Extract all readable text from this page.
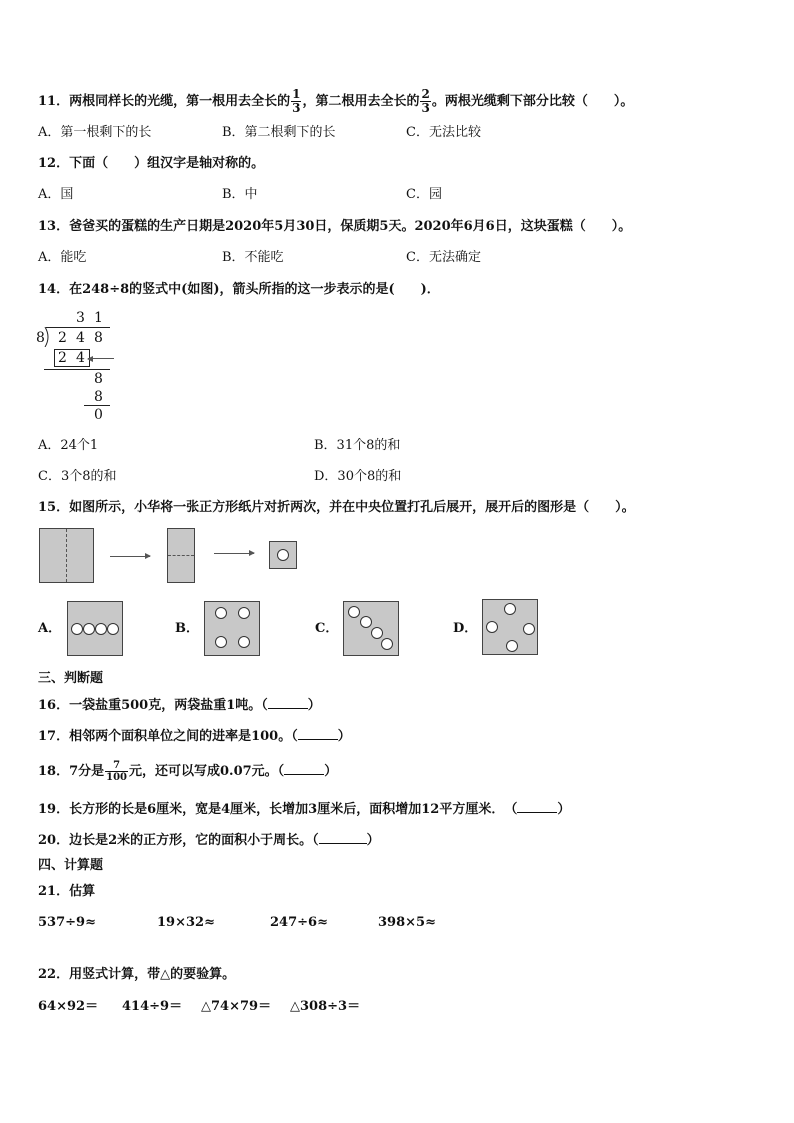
11．两根同样长的光缆，第一根用去全长的 $\frac{1}{3}$ ，第二根用去全长的 $\frac{2}{3}$ 。两根光缆剩下部分比较（　　）。
A．第一根剩下的长	B．第二根剩下的长	C．无法比较
12．下面（　　）组汉字是轴对称的。
A．国	B．中	C．园
13．爸爸买的蛋糕的生产日期是2020年5月30日，保质期5天。2020年6月6日，这块蛋糕（　　）。
A．能吃	B．不能吃	C．无法确定
14．在248÷8的竖式中(如图)，箭头所指的这一步表示的是(　　)．
3 1
8 2 4 8
2 4
8
8
0
A．24个1	B．31个8的和
C．3个8的和	D．30个8的和
15．如图所示，小华将一张正方形纸片对折两次，并在中央位置打孔后展开，展开后的图形是（　　）。
A．	B．	C．	D．
三、判断题
16．一袋盐重500克，两袋盐重1吨。（	）
17．相邻两个面积单位之间的进率是100。（	）
18．7分是 $\frac{7}{100}$ 元，还可以写成0.07元。（	）
19．长方形的长是6厘米，宽是4厘米，长增加3厘米后，面积增加12平方厘米．　（	）
20．边长是2米的正方形，它的面积小于周长。（	）
四、计算题
21．估算
537÷9≈	19×32≈	247÷6≈	398×5≈
22．用竖式计算，带△的要验算。
64×92＝ 414÷9＝ △74×79＝ △308÷3＝
